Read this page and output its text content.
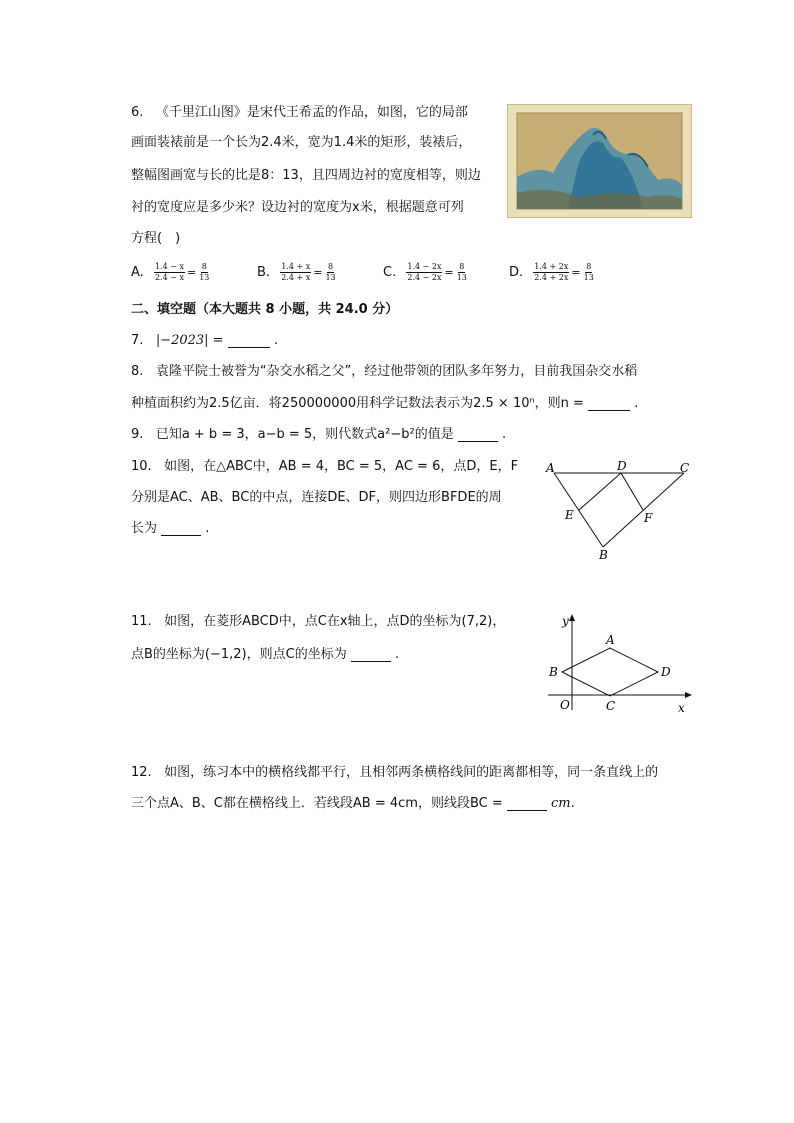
6. 《千里江山图》是宋代王希孟的作品，如图，它的局部
画面装裱前是一个长为2.4米，宽为1.4米的矩形，装裱后，
整幅图画宽与长的比是8：13，且四周边衬的宽度相等，则边
衬的宽度应是多少米？设边衬的宽度为x米，根据题意可列
方程(　)
A. $\frac{1.4 - x}{2.4 - x} = \frac{8}{13}$	B. $\frac{1.4 + x}{2.4 + x} = \frac{8}{13}$	C. $\frac{1.4 - 2x}{2.4 - 2x} = \frac{8}{13}$	D. $\frac{1.4 + 2x}{2.4 + 2x} = \frac{8}{13}$
二、填空题（本大题共 8 小题，共 24.0 分）
7. |−2023| =	.
8. 袁隆平院士被誉为“杂交水稻之父”，经过他带领的团队多年努力，目前我国杂交水稻
种植面积约为2.5亿亩．将250000000用科学记数法表示为2.5 × 10ⁿ，则n =	.
9. 已知a + b = 3，a−b = 5，则代数式a²−b²的值是	.
10. 如图，在△ABC中，AB = 4，BC = 5，AC = 6，点D，E，F
分别是AC、AB、BC的中点，连接DE、DF，则四边形BFDE的周
长为	.
A	D	C
E	F
B
11. 如图，在菱形ABCD中，点C在x轴上，点D的坐标为(7,2)，
点B的坐标为(−1,2)，则点C的坐标为	.
y
x
O
A
B
C
D
12. 如图，练习本中的横格线都平行，且相邻两条横格线间的距离都相等，同一条直线上的
三个点A、B、C都在横格线上．若线段AB = 4cm，则线段BC =	cm.
